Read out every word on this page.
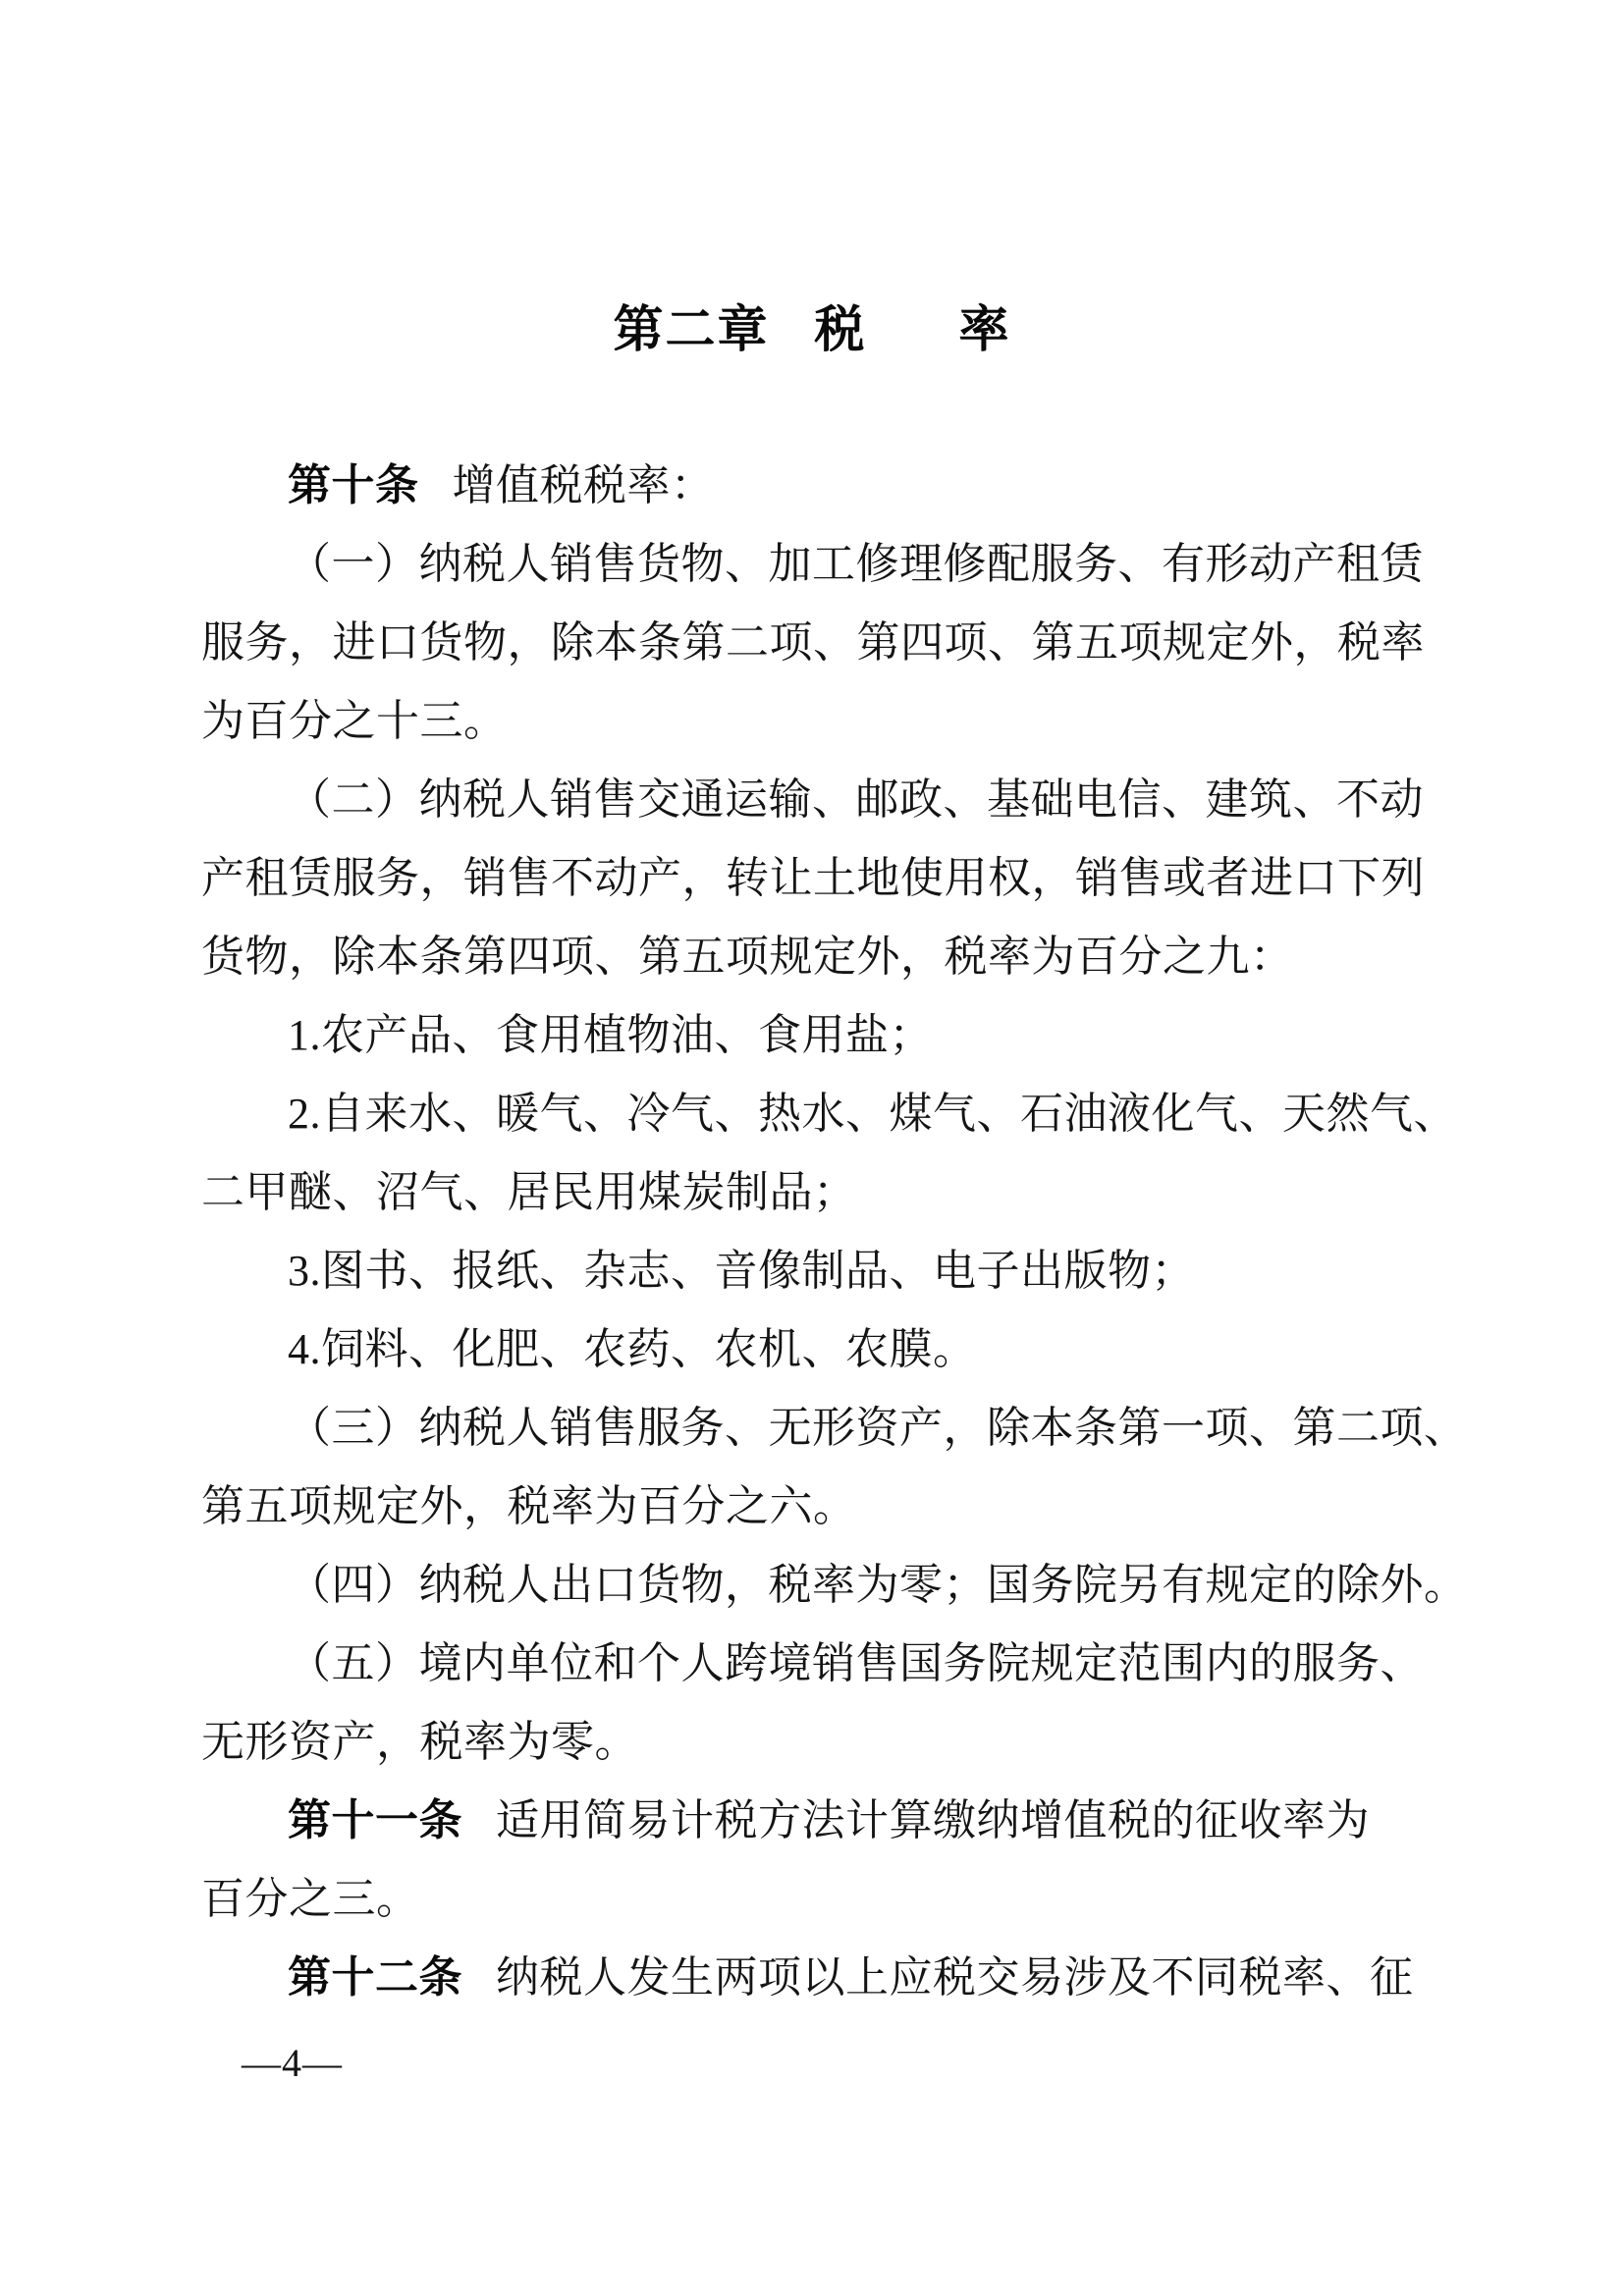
第二章 税 率
第十条 增值税税率：
（一）纳税人销售货物、加工修理修配服务、有形动产租赁
服务，进口货物，除本条第二项、第四项、第五项规定外，税率
为百分之十三。
（二）纳税人销售交通运输、邮政、基础电信、建筑、不动
产租赁服务，销售不动产，转让土地使用权，销售或者进口下列
货物，除本条第四项、第五项规定外，税率为百分之九：
1.农产品、食用植物油、食用盐；
2.自来水、暖气、冷气、热水、煤气、石油液化气、天然气、
二甲醚、沼气、居民用煤炭制品；
3.图书、报纸、杂志、音像制品、电子出版物；
4.饲料、化肥、农药、农机、农膜。
（三）纳税人销售服务、无形资产，除本条第一项、第二项、
第五项规定外，税率为百分之六。
（四）纳税人出口货物，税率为零；国务院另有规定的除外。
（五）境内单位和个人跨境销售国务院规定范围内的服务、
无形资产，税率为零。
第十一条 适用简易计税方法计算缴纳增值税的征收率为
百分之三。
第十二条 纳税人发生两项以上应税交易涉及不同税率、征
—4—
